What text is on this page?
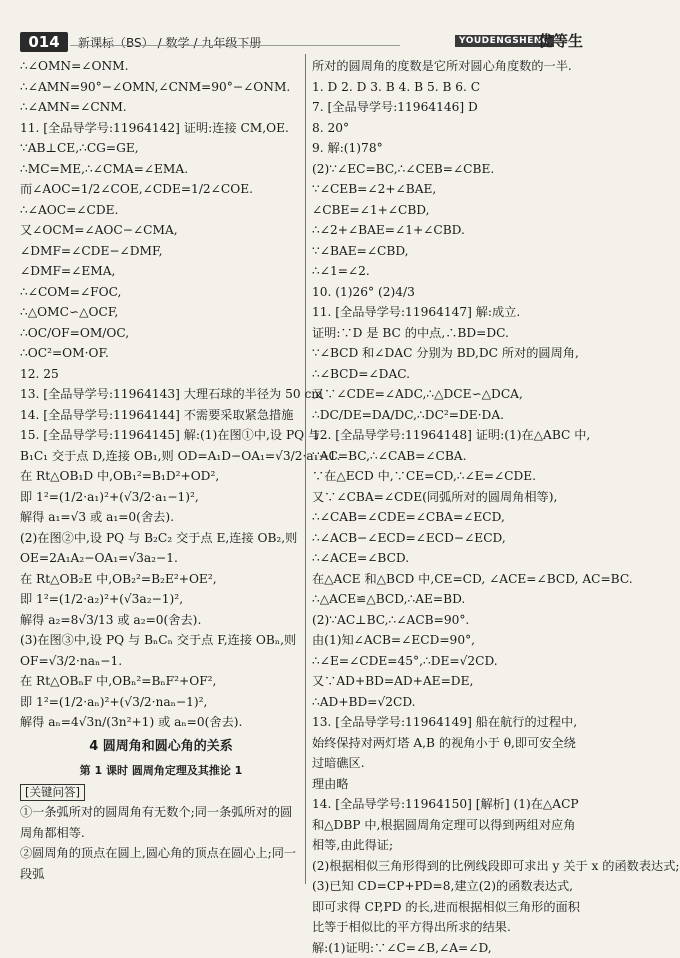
014	新课标（BS） / 数学 / 九年级下册	YOUDENGSHENG
优等生
∴∠OMN=∠ONM.
∴∠AMN=90°−∠OMN,∠CNM=90°−∠ONM.
∴∠AMN=∠CNM.
11. [全品导学号:11964142] 证明:连接 CM,OE.
∵AB⊥CE,∴CG=GE,
∴MC=ME,∴∠CMA=∠EMA.
而∠AOC=1/2∠COE,∠CDE=1/2∠COE.
∴∠AOC=∠CDE.
又∠OCM=∠AOC−∠CMA,
∠DMF=∠CDE−∠DMF,
∠DMF=∠EMA,
∴∠COM=∠FOC,
∴△OMC∽△OCF,
∴OC/OF=OM/OC,
∴OC²=OM·OF.
12. 25
13. [全品导学号:11964143] 大理石球的半径为 50 cm
14. [全品导学号:11964144] 不需要采取紧急措施
15. [全品导学号:11964145] 解:(1)在图①中,设 PQ 与
B₁C₁ 交于点 D,连接 OB₁,则 OD=A₁D−OA₁=√3/2·a₁−1.
在 Rt△OB₁D 中,OB₁²=B₁D²+OD²,
即 1²=(1/2·a₁)²+(√3/2·a₁−1)²,
解得 a₁=√3 或 a₁=0(舍去).
(2)在图②中,设 PQ 与 B₂C₂ 交于点 E,连接 OB₂,则
OE=2A₁A₂−OA₁=√3a₂−1.
在 Rt△OB₂E 中,OB₂²=B₂E²+OE²,
即 1²=(1/2·a₂)²+(√3a₂−1)²,
解得 a₂=8√3/13 或 a₂=0(舍去).
(3)在图③中,设 PQ 与 BₙCₙ 交于点 F,连接 OBₙ,则
OF=√3/2·naₙ−1.
在 Rt△OBₙF 中,OBₙ²=BₙF²+OF²,
即 1²=(1/2·aₙ)²+(√3/2·naₙ−1)²,
解得 aₙ=4√3n/(3n²+1) 或 aₙ=0(舍去).
4 圆周角和圆心角的关系
第 1 课时 圆周角定理及其推论 1
[关键问答]
①一条弧所对的圆周角有无数个;同一条弧所对的圆周角都相等.
②圆周角的顶点在圆上,圆心角的顶点在圆心上;同一段弧
所对的圆周角的度数是它所对圆心角度数的一半.
1. D 2. D 3. B 4. B 5. B 6. C
7. [全品导学号:11964146] D
8. 20°
9. 解:(1)78°
(2)∵∠EC=BC,∴∠CEB=∠CBE.
∵∠CEB=∠2+∠BAE,
∠CBE=∠1+∠CBD,
∴∠2+∠BAE=∠1+∠CBD.
∵∠BAE=∠CBD,
∴∠1=∠2.
10. (1)26° (2)4/3
11. [全品导学号:11964147] 解:成立.
证明:∵D 是 BC 的中点,∴BD=DC.
∵∠BCD 和∠DAC 分别为 BD,DC 所对的圆周角,
∴∠BCD=∠DAC.
又∵∠CDE=∠ADC,∴△DCE∽△DCA,
∴DC/DE=DA/DC,∴DC²=DE·DA.
12. [全品导学号:11964148] 证明:(1)在△ABC 中,
∵AC=BC,∴∠CAB=∠CBA.
∵在△ECD 中,∵CE=CD,∴∠E=∠CDE.
又∵∠CBA=∠CDE(同弧所对的圆周角相等),
∴∠CAB=∠CDE=∠CBA=∠ECD,
∴∠ACB−∠ECD=∠ECD−∠ECD,
∴∠ACE=∠BCD.
在△ACE 和△BCD 中,CE=CD, ∠ACE=∠BCD, AC=BC.
∴△ACE≌△BCD,∴AE=BD.
(2)∵AC⊥BC,∴∠ACB=90°.
由(1)知∠ACB=∠ECD=90°,
∴∠E=∠CDE=45°,∴DE=√2CD.
又∵AD+BD=AD+AE=DE,
∴AD+BD=√2CD.
13. [全品导学号:11964149] 船在航行的过程中,始终保持对两灯塔 A,B 的视角小于 θ,即可安全绕过暗礁区.
理由略
14. [全品导学号:11964150] [解析] (1)在△ACP 和△DBP 中,根据圆周角定理可以得到两组对应角相等,由此得证;
(2)根据相似三角形得到的比例线段即可求出 y 关于 x 的函数表达式;
(3)已知 CD=CP+PD=8,建立(2)的函数表达式,即可求得 CP,PD 的长,进而根据相似三角形的面积比等于相似比的平方得出所求的结果.
解:(1)证明:∵∠C=∠B,∠A=∠D,
